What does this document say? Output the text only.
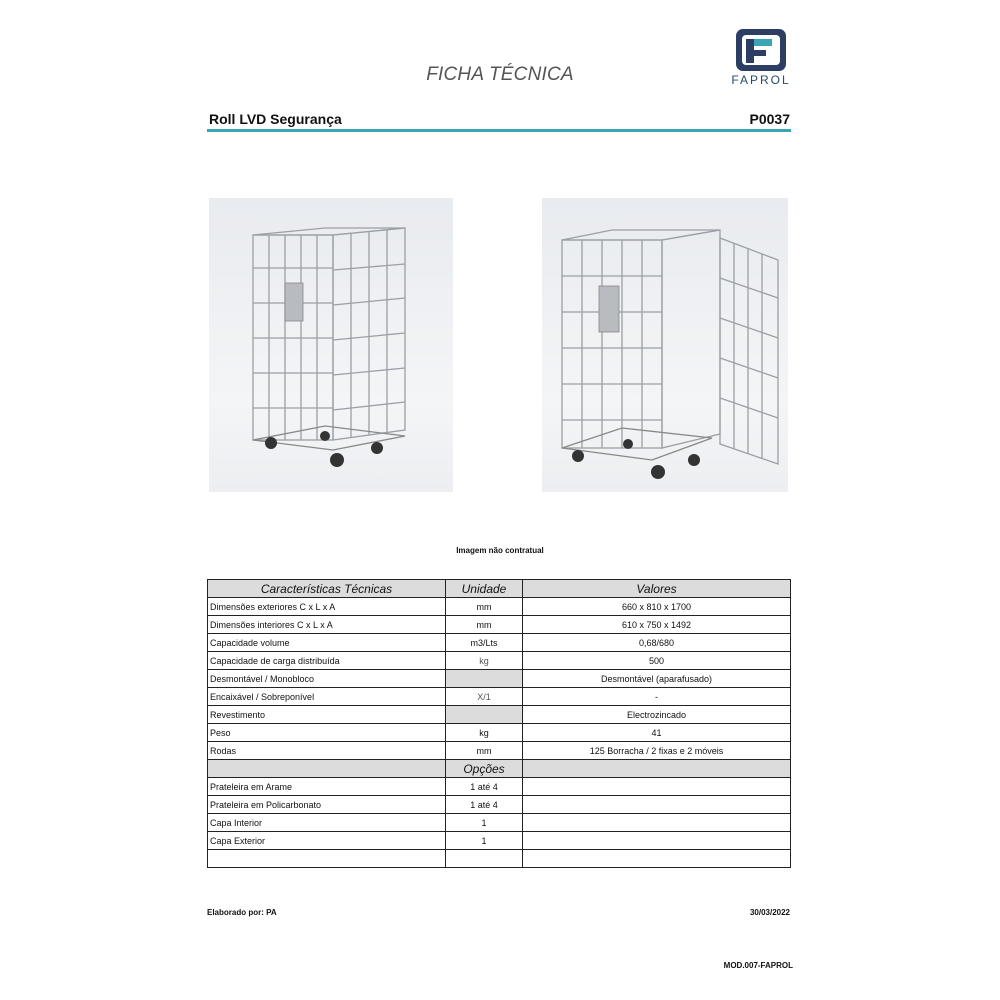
FICHA TÉCNICA	FAPROL
Roll LVD Segurança	P0037
Imagem não contratual
Características Técnicas	Unidade	Valores
Dimensões exteriores C x L x A	mm	660 x 810 x 1700
Dimensões interiores C x L x A	mm	610 x 750 x 1492
Capacidade volume	m3/Lts	0,68/680
Capacidade de carga distribuída	kg	500
Desmontável / Monobloco		Desmontável (aparafusado)
Encaixável / Sobreponível	X/1	-
Revestimento		Electrozincado
Peso	kg	41
Rodas	mm	125 Borracha / 2 fixas e 2 móveis
	Opções	
Prateleira em Arame	1 até 4	
Prateleira em Policarbonato	1 até 4	
Capa Interior	1	
Capa Exterior	1	

Elaborado por: PA	30/03/2022
MOD.007-FAPROL
